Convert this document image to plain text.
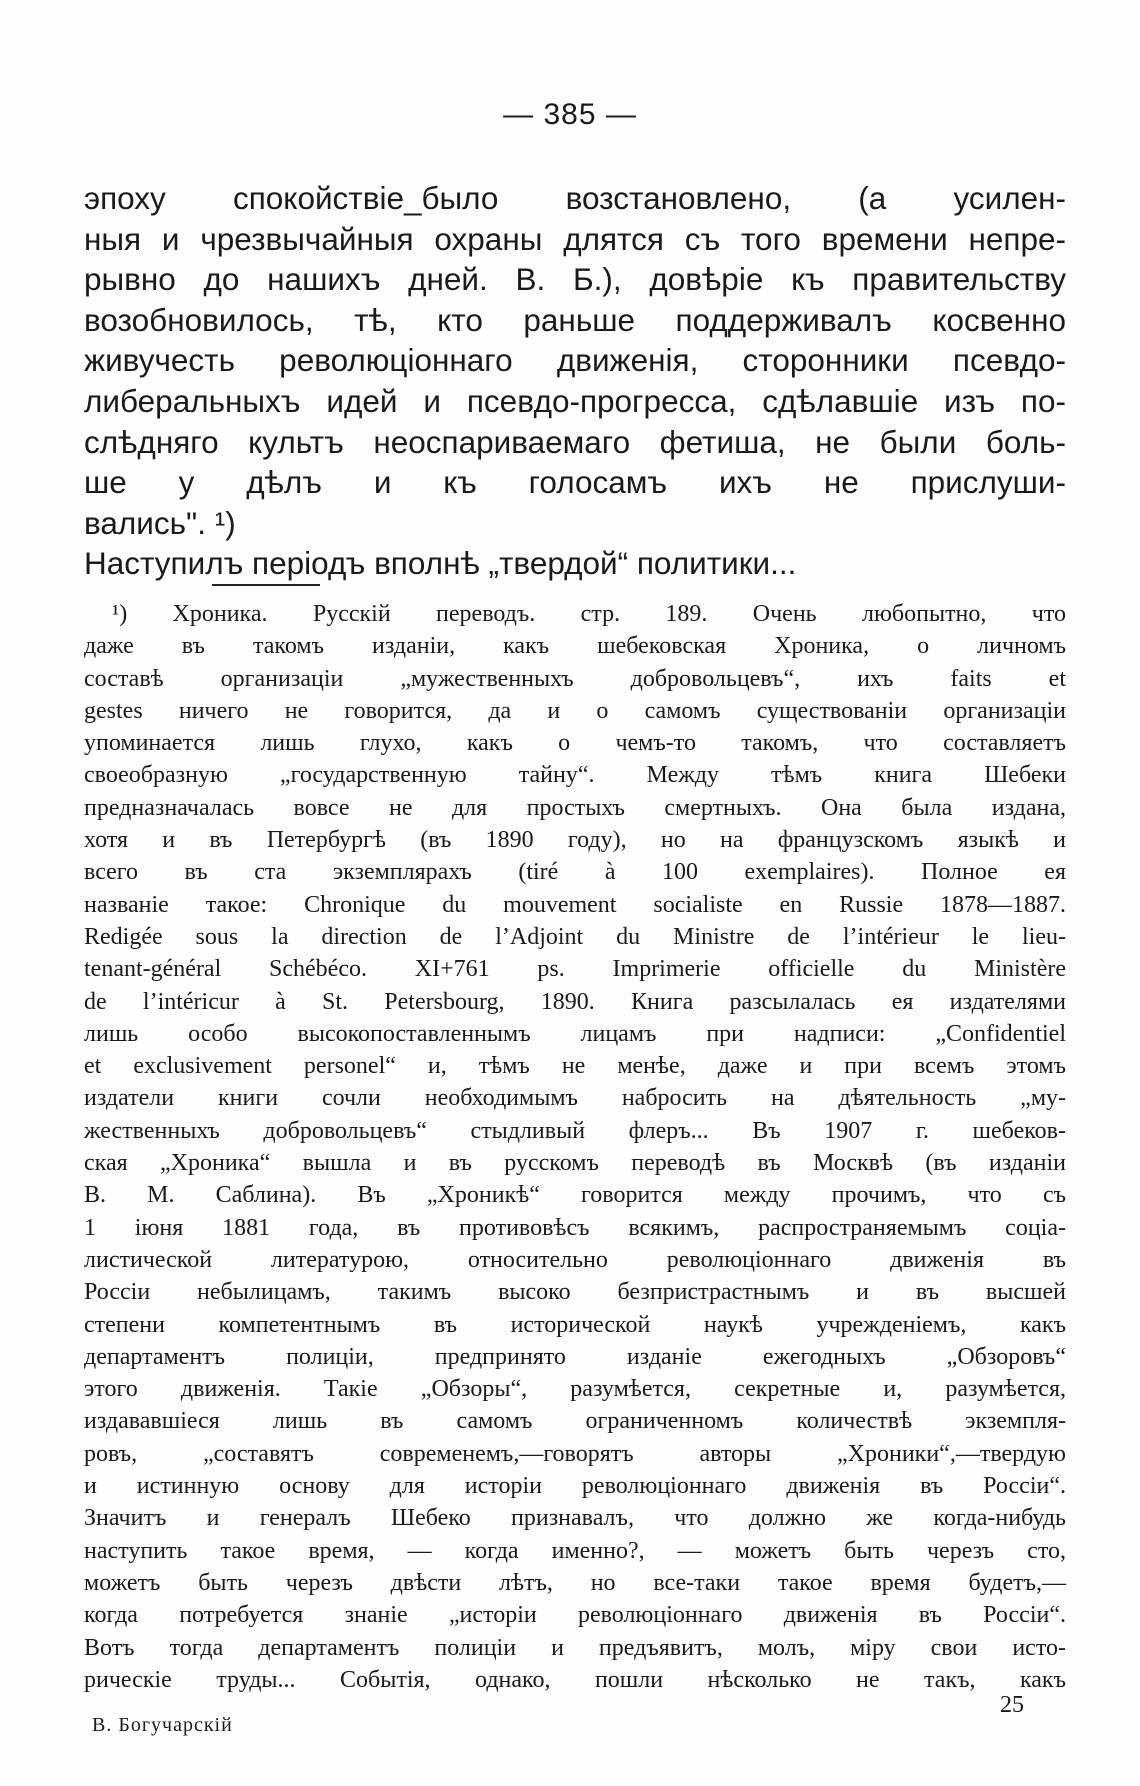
— 385 —
эпоху спокойствіе_было возстановлено, (а усилен-
ныя и чрезвычайныя охраны длятся съ того времени непре-
рывно до нашихъ дней. В. Б.), довѣріе къ правительству
возобновилось, тѣ, кто раньше поддерживалъ косвенно
живучесть революціоннаго движенія, сторонники псевдо-
либеральныхъ идей и псевдо-прогресса, сдѣлавшіе изъ по-
слѣдняго культъ неоспариваемаго фетиша, не были боль-
ше у дѣлъ и къ голосамъ ихъ не прислуши-
вались". ¹)
Наступилъ періодъ вполнѣ „твердой“ политики...
¹) Хроника. Русскій переводъ. стр. 189. Очень любопытно, что
даже въ такомъ изданіи, какъ шебековская Хроника, о личномъ
составѣ организаціи „мужественныхъ добровольцевъ“, ихъ faits et
gestes ничего не говорится, да и о самомъ существованіи организаціи
упоминается лишь глухо, какъ о чемъ-то такомъ, что составляетъ
своеобразную „государственную тайну“. Между тѣмъ книга Шебеки
предназначалась вовсе не для простыхъ смертныхъ. Она была издана,
хотя и въ Петербургѣ (въ 1890 году), но на французскомъ языкѣ и
всего въ ста экземплярахъ (tiré à 100 exemplaires). Полное ея
названіе такое: Chronique du mouvement socialiste en Russie 1878—1887.
Redigée sous la direction de l’Adjoint du Ministre de l’intérieur le lieu-
tenant-général Schébéco. XI+761 ps. Imprimerie officielle du Ministère
de l’intéricur à St. Petersbourg, 1890. Книга разсылалась ея издателями
лишь особо высокопоставленнымъ лицамъ при надписи: „Confidentiel
et exclusivement personel“ и, тѣмъ не менѣе, даже и при всемъ этомъ
издатели книги сочли необходимымъ набросить на дѣятельность „му-
жественныхъ добровольцевъ“ стыдливый флеръ... Въ 1907 г. шебеков-
ская „Хроника“ вышла и въ русскомъ переводѣ въ Москвѣ (въ изданіи
В. М. Саблина). Въ „Хроникѣ“ говорится между прочимъ, что съ
1 іюня 1881 года, въ противовѣсъ всякимъ, распространяемымъ соціа-
листической литературою, относительно революціоннаго движенія въ
Россіи небылицамъ, такимъ высоко безпристрастнымъ и въ высшей
степени компетентнымъ въ исторической наукѣ учрежденіемъ, какъ
департаментъ полиціи, предпринято изданіе ежегодныхъ „Обзоровъ“
этого движенія. Такіе „Обзоры“, разумѣется, секретные и, разумѣется,
издававшіеся лишь въ самомъ ограниченномъ количествѣ экземпля-
ровъ, „составятъ современемъ,—говорятъ авторы „Хроники“,—твердую
и истинную основу для исторіи революціоннаго движенія въ Россіи“.
Значитъ и генералъ Шебеко признавалъ, что должно же когда-нибудь
наступить такое время, — когда именно?, — можетъ быть черезъ сто,
можетъ быть черезъ двѣсти лѣтъ, но все-таки такое время будетъ,—
когда потребуется знаніе „исторіи революціоннаго движенія въ Россіи“.
Вотъ тогда департаментъ полиціи и предъявитъ, молъ, міру свои исто-
рическіе труды... Событія, однако, пошли нѣсколько не такъ, какъ
В. Богучарскій
25
